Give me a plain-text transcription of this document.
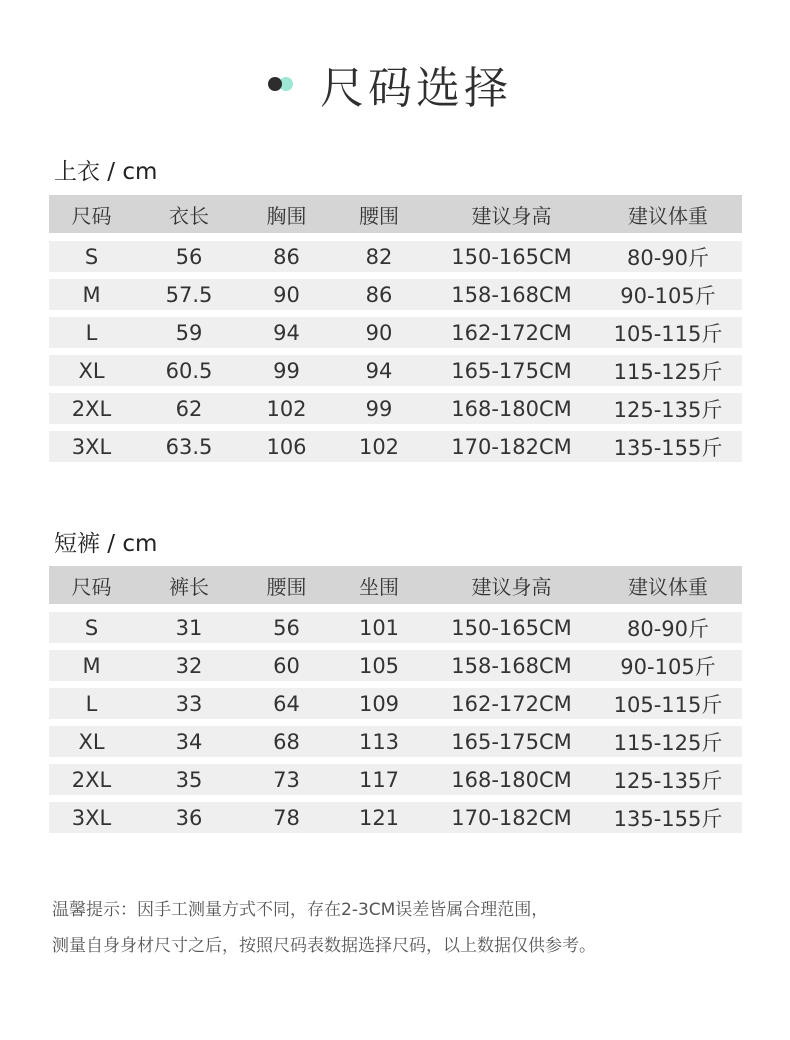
尺码选择
上衣 / cm
尺码	衣长	胸围	腰围	建议身高	建议体重
S	56	86	82	150-165CM	80-90斤
M	57.5	90	86	158-168CM	90-105斤
L	59	94	90	162-172CM	105-115斤
XL	60.5	99	94	165-175CM	115-125斤
2XL	62	102	99	168-180CM	125-135斤
3XL	63.5	106	102	170-182CM	135-155斤
短裤 / cm
尺码	裤长	腰围	坐围	建议身高	建议体重
S	31	56	101	150-165CM	80-90斤
M	32	60	105	158-168CM	90-105斤
L	33	64	109	162-172CM	105-115斤
XL	34	68	113	165-175CM	115-125斤
2XL	35	73	117	168-180CM	125-135斤
3XL	36	78	121	170-182CM	135-155斤

温馨提示：因手工测量方式不同，存在2-3CM误差皆属合理范围，

测量自身身材尺寸之后，按照尺码表数据选择尺码，以上数据仅供参考。
